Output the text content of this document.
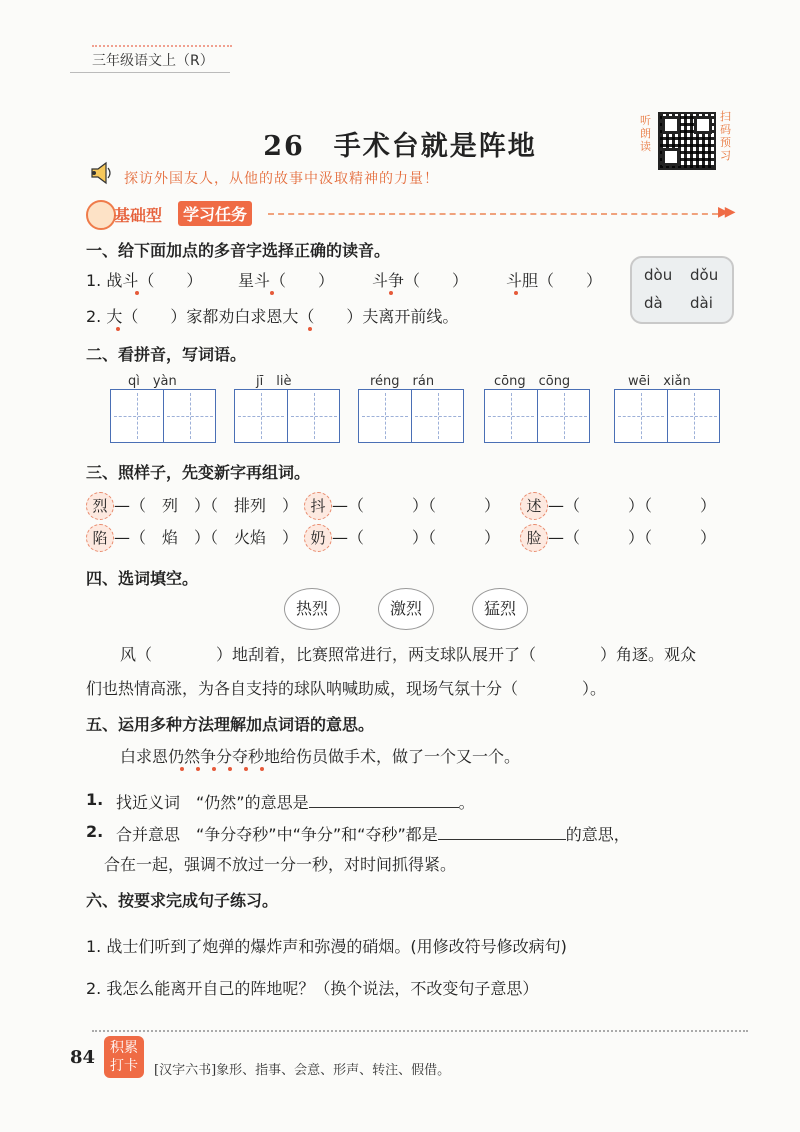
三年级语文上（R）
26　手术台就是阵地
听朗读
扫码预习
探访外国友人，从他的故事中汲取精神的力量！
基础型	学习任务	▶▶
一、给下面加点的多音字选择正确的读音。
1. 战斗（　　） 星斗（　　） 斗争（　　） 斗胆（　　）
2. 大（　　）家都劝白求恩大（　　）夫离开前线。
dòu dǒu
dà dài
二、看拼音，写词语。
qì　yàn	jī　liè	réng　rán	cōng　cōng	wēi　xiǎn
三、照样子，先变新字再组词。
烈 —（　列　）（　排列　） 抖 —（　　　）（　　　）	述 —（　　　）（　　　）
陷 —（　焰　）（　火焰　） 奶 —（　　　）（　　　）	脸 —（　　　）（　　　）
四、选词填空。
热烈	激烈	猛烈
风（　　　　）地刮着，比赛照常进行，两支球队展开了（　　　　）角逐。观众
们也热情高涨，为各自支持的球队呐喊助威，现场气氛十分（　　　　）。
五、运用多种方法理解加点词语的意思。
白求恩仍然争分夺秒地给伤员做手术，做了一个又一个。
1. 找近义词　“仍然”的意思是	。
2. 合并意思　“争分夺秒”中“争分”和“夺秒”都是	的意思，
合在一起，强调不放过一分一秒，对时间抓得紧。
六、按要求完成句子练习。
1. 战士们听到了炮弹的爆炸声和弥漫的硝烟。(用修改符号修改病句)
2. 我怎么能离开自己的阵地呢？（换个说法，不改变句子意思）
84	积累打卡	[汉字六书]象形、指事、会意、形声、转注、假借。
